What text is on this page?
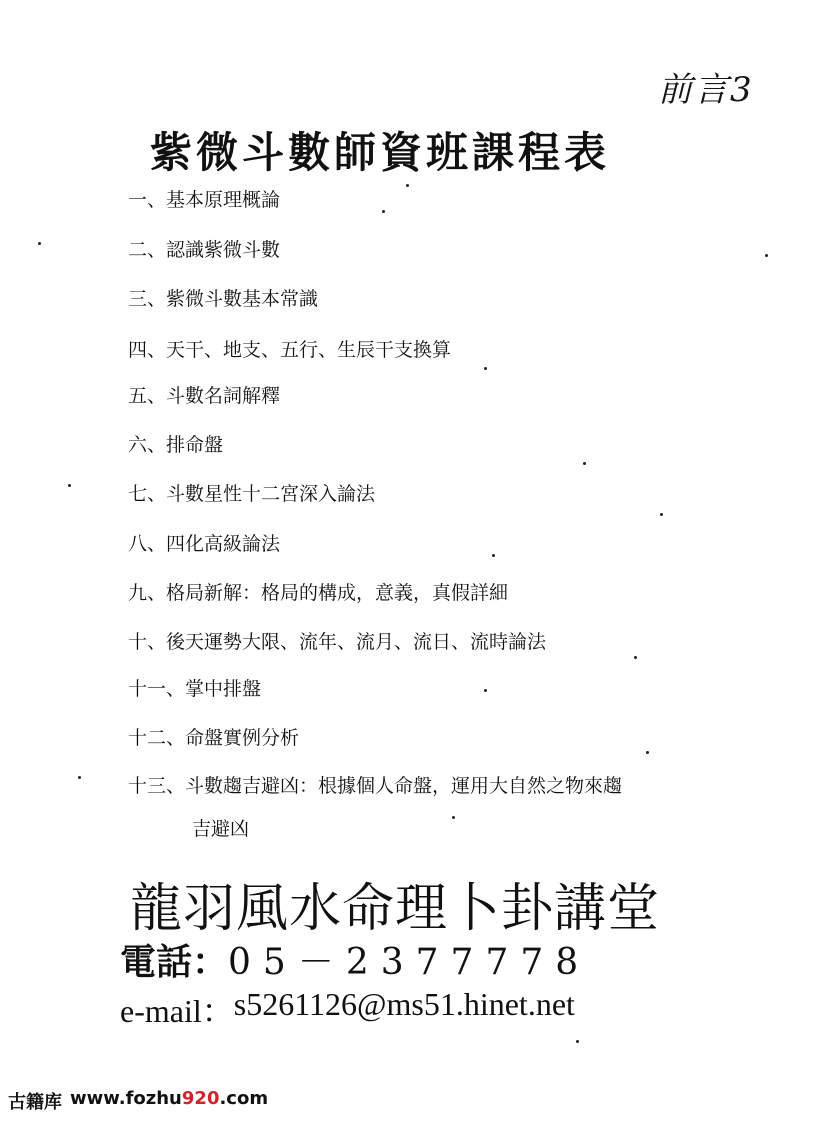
前言3
紫微斗數師資班課程表
一、 基本原理概論
二、 認識紫微斗數
三、 紫微斗數基本常識
四、 天干、地支、五行、生辰干支換算
五、 斗數名詞解釋
六、 排命盤
七、 斗數星性十二宮深入論法
八、 四化高級論法
九、 格局新解：格局的構成，意義，真假詳細
十、 後天運勢大限、流年、流月、流日、流時論法
十一、 掌中排盤
十二、 命盤實例分析
十三、 斗數趨吉避凶：根據個人命盤，運用大自然之物來趨
吉避凶
龍羽風水命理卜卦講堂
電話： 05－2377778
e-mail： s5261126@ms51.hinet.net
古籍库 www.fozhu920.com
